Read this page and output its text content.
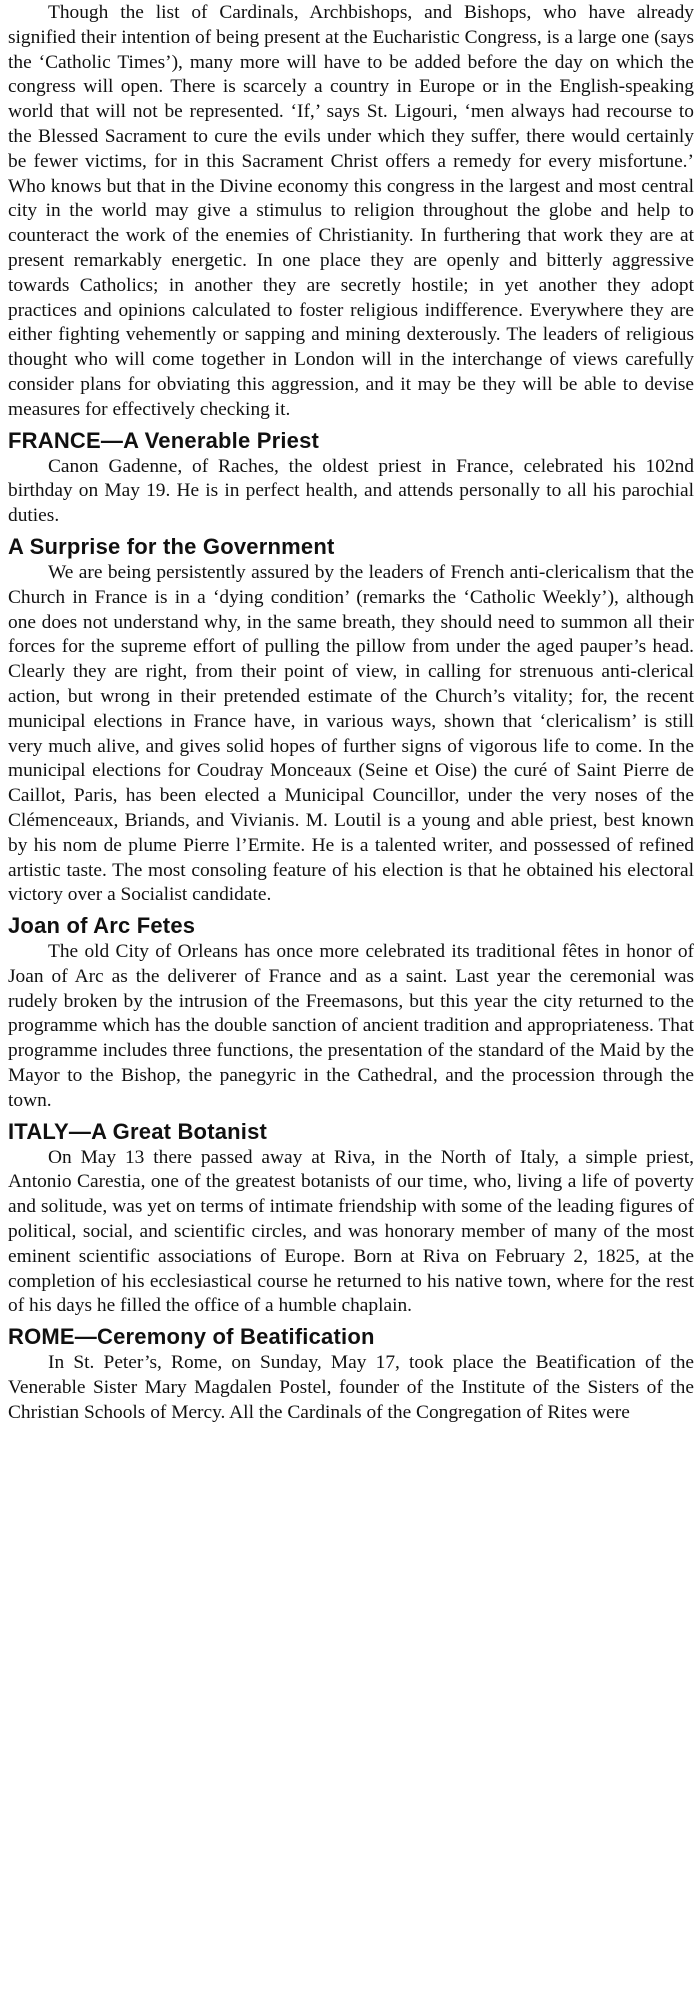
Though the list of Cardinals, Archbishops, and Bishops, who have already signified their intention of being present at the Eucharistic Congress, is a large one (says the ‘Catholic Times’), many more will have to be added before the day on which the congress will open. There is scarcely a country in Europe or in the English-speaking world that will not be represented. ‘If,’ says St. Ligouri, ‘men always had recourse to the Blessed Sacrament to cure the evils under which they suffer, there would certainly be fewer victims, for in this Sacrament Christ offers a remedy for every misfortune.’ Who knows but that in the Divine economy this congress in the largest and most central city in the world may give a stimulus to religion throughout the globe and help to counteract the work of the enemies of Christianity. In furthering that work they are at present remarkably energetic. In one place they are openly and bitterly aggressive towards Catholics; in another they are secretly hostile; in yet another they adopt practices and opinions calculated to foster religious indifference. Everywhere they are either fighting vehemently or sapping and mining dexterously. The leaders of religious thought who will come together in London will in the interchange of views carefully consider plans for obviating this aggression, and it may be they will be able to devise measures for effectively checking it.

FRANCE—A Venerable Priest

Canon Gadenne, of Raches, the oldest priest in France, celebrated his 102nd birthday on May 19. He is in perfect health, and attends personally to all his parochial duties.

A Surprise for the Government

We are being persistently assured by the leaders of French anti-clericalism that the Church in France is in a ‘dying condition’ (remarks the ‘Catholic Weekly’), although one does not understand why, in the same breath, they should need to summon all their forces for the supreme effort of pulling the pillow from under the aged pauper’s head. Clearly they are right, from their point of view, in calling for strenuous anti-clerical action, but wrong in their pretended estimate of the Church’s vitality; for, the recent municipal elections in France have, in various ways, shown that ‘clericalism’ is still very much alive, and gives solid hopes of further signs of vigorous life to come. In the municipal elections for Coudray Monceaux (Seine et Oise) the curé of Saint Pierre de Caillot, Paris, has been elected a Municipal Councillor, under the very noses of the Clémenceaux, Briands, and Vivianis. M. Loutil is a young and able priest, best known by his nom de plume Pierre l’Ermite. He is a talented writer, and possessed of refined artistic taste. The most consoling feature of his election is that he obtained his electoral victory over a Socialist candidate.

Joan of Arc Fetes

The old City of Orleans has once more celebrated its traditional fêtes in honor of Joan of Arc as the deliverer of France and as a saint. Last year the ceremonial was rudely broken by the intrusion of the Freemasons, but this year the city returned to the programme which has the double sanction of ancient tradition and appropriateness. That programme includes three functions, the presentation of the standard of the Maid by the Mayor to the Bishop, the panegyric in the Cathedral, and the procession through the town.

ITALY—A Great Botanist

On May 13 there passed away at Riva, in the North of Italy, a simple priest, Antonio Carestia, one of the greatest botanists of our time, who, living a life of poverty and solitude, was yet on terms of intimate friendship with some of the leading figures of political, social, and scientific circles, and was honorary member of many of the most eminent scientific associations of Europe. Born at Riva on February 2, 1825, at the completion of his ecclesiastical course he returned to his native town, where for the rest of his days he filled the office of a humble chaplain.

ROME—Ceremony of Beatification

In St. Peter’s, Rome, on Sunday, May 17, took place the Beatification of the Venerable Sister Mary Magdalen Postel, founder of the Institute of the Sisters of the Christian Schools of Mercy. All the Cardinals of the Congregation of Rites were
